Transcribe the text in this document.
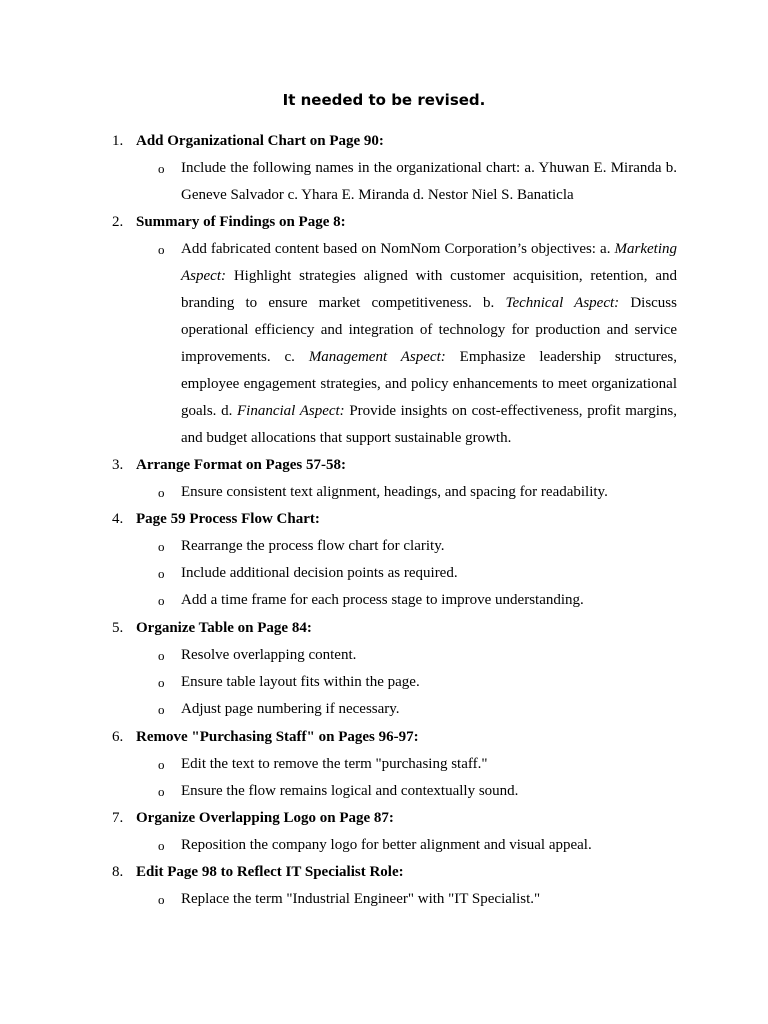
It needed to be revised.
1. Add Organizational Chart on Page 90:
o Include the following names in the organizational chart: a. Yhuwan E. Miranda b. Geneve Salvador c. Yhara E. Miranda d. Nestor Niel S. Banaticla
2. Summary of Findings on Page 8:
o Add fabricated content based on NomNom Corporation’s objectives: a. Marketing Aspect: Highlight strategies aligned with customer acquisition, retention, and branding to ensure market competitiveness. b. Technical Aspect: Discuss operational efficiency and integration of technology for production and service improvements. c. Management Aspect: Emphasize leadership structures, employee engagement strategies, and policy enhancements to meet organizational goals. d. Financial Aspect: Provide insights on cost-effectiveness, profit margins, and budget allocations that support sustainable growth.
3. Arrange Format on Pages 57-58:
o Ensure consistent text alignment, headings, and spacing for readability.
4. Page 59 Process Flow Chart:
o Rearrange the process flow chart for clarity.
o Include additional decision points as required.
o Add a time frame for each process stage to improve understanding.
5. Organize Table on Page 84:
o Resolve overlapping content.
o Ensure table layout fits within the page.
o Adjust page numbering if necessary.
6. Remove "Purchasing Staff" on Pages 96-97:
o Edit the text to remove the term "purchasing staff."
o Ensure the flow remains logical and contextually sound.
7. Organize Overlapping Logo on Page 87:
o Reposition the company logo for better alignment and visual appeal.
8. Edit Page 98 to Reflect IT Specialist Role:
o Replace the term "Industrial Engineer" with "IT Specialist."
